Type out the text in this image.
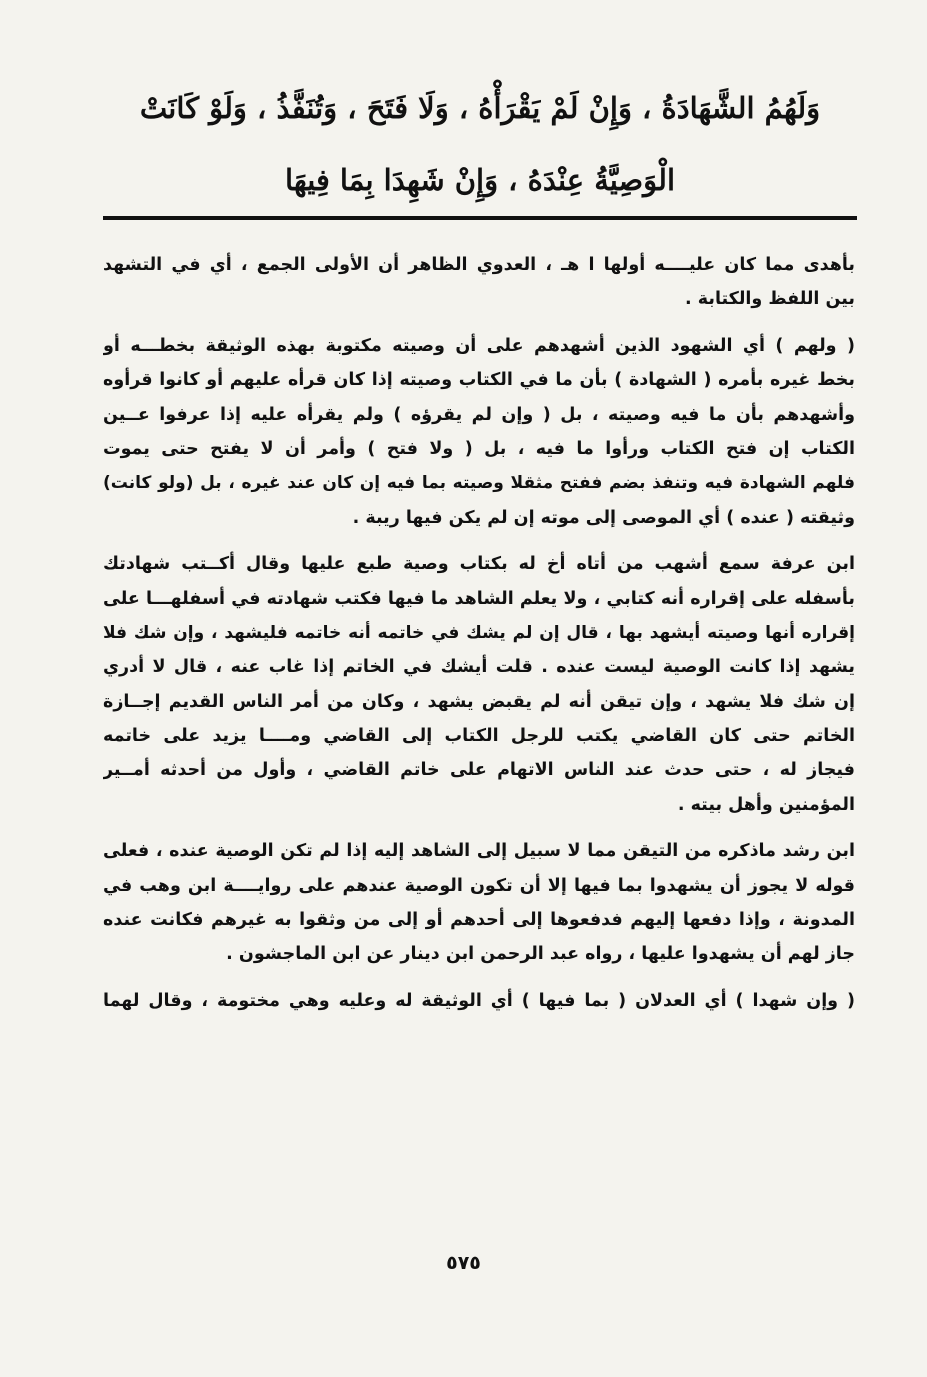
وَلَهُمُ الشَّهَادَةُ ، وَإِنْ لَمْ يَقْرَأْهُ ، وَلَا فَتَحَ ، وَتُنَفَّذُ ، وَلَوْ كَانَتْ
الْوَصِيَّةُ عِنْدَهُ ، وَإِنْ شَهِدَا بِمَا فِيهَا
بأهدى مما كان عليــــه أولها ا هـ ، العدوي الظاهر أن الأولى الجمع ، أي في التشهد
بين اللفظ والكتابة .
( ولهم ) أي الشهود الذين أشهدهم على أن وصيته مكتوبة بهذه الوثيقة بخطـــه أو
بخط غيره بأمره ( الشهادة ) بأن ما في الكتاب وصيته إذا كان قرأه عليهم أو كانوا قرأوه
وأشهدهم بأن ما فيه وصيته ، بل ( وإن لم يقرؤه ) ولم يقرأه عليه إذا عرفوا عــين
الكتاب إن فتح الكتاب ورأوا ما فيه ، بل ( ولا فتح ) وأمر أن لا يفتح حتى يموت
فلهم الشهادة فيه وتنفذ بضم ففتح مثقلا وصيته بما فيه إن كان عند غيره ، بل (ولو كانت)
وثيقته ( عنده ) أي الموصى إلى موته إن لم يكن فيها ريبة .
ابن عرفة سمع أشهب من أتاه أخ له بكتاب وصية طبع عليها وقال أكــتب شهادتك
بأسفله على إقراره أنه كتابي ، ولا يعلم الشاهد ما فيها فكتب شهادته في أسفلهـــا على
إقراره أنها وصيته أيشهد بها ، قال إن لم يشك في خاتمه أنه خاتمه فليشهد ، وإن شك فلا
يشهد إذا كانت الوصية ليست عنده . قلت أيشك في الخاتم إذا غاب عنه ، قال لا أدري
إن شك فلا يشهد ، وإن تيقن أنه لم يقبض يشهد ، وكان من أمر الناس القديم إجــازة
الخاتم حتى كان القاضي يكتب للرجل الكتاب إلى القاضي ومــــا يزيد على خاتمه
فيجاز له ، حتى حدث عند الناس الاتهام على خاتم القاضي ، وأول من أحدثه أمــير
المؤمنين وأهل بيته .
ابن رشد ماذكره من التيقن مما لا سبيل إلى الشاهد إليه إذا لم تكن الوصية عنده ، فعلى
قوله لا يجوز أن يشهدوا بما فيها إلا أن تكون الوصية عندهم على روايــــة ابن وهب في
المدونة ، وإذا دفعها إليهم فدفعوها إلى أحدهم أو إلى من وثقوا به غيرهم فكانت عنده
جاز لهم أن يشهدوا عليها ، رواه عبد الرحمن ابن دينار عن ابن الماجشون .
( وإن شهدا ) أي العدلان ( بما فيها ) أي الوثيقة له وعليه وهي مختومة ، وقال لهما
٥٧٥
